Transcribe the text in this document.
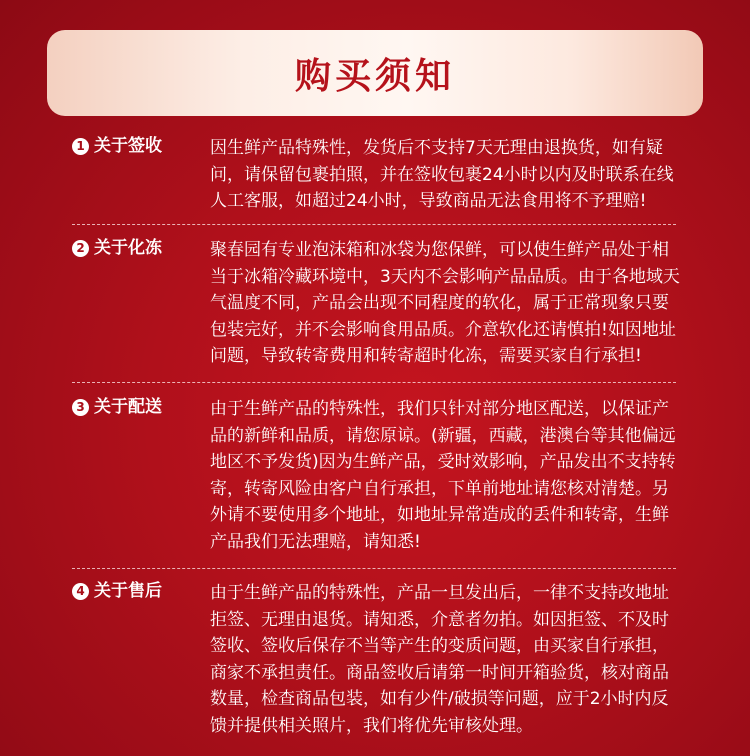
购买须知
1 关于签收	因生鲜产品特殊性，发货后不支持7天无理由退换货，如有疑问，请保留包裹拍照，并在签收包裹24小时以内及时联系在线人工客服，如超过24小时，导致商品无法食用将不予理赔!
2 关于化冻	聚春园有专业泡沫箱和冰袋为您保鲜，可以使生鲜产品处于相当于冰箱冷藏环境中，3天内不会影响产品品质。由于各地域天气温度不同，产品会出现不同程度的软化，属于正常现象只要包装完好，并不会影响食用品质。介意软化还请慎拍!如因地址问题，导致转寄费用和转寄超时化冻，需要买家自行承担!
3 关于配送	由于生鲜产品的特殊性，我们只针对部分地区配送，以保证产品的新鲜和品质，请您原谅。(新疆，西藏，港澳台等其他偏远地区不予发货)因为生鲜产品，受时效影响，产品发出不支持转寄，转寄风险由客户自行承担，下单前地址请您核对清楚。另外请不要使用多个地址，如地址异常造成的丢件和转寄，生鲜产品我们无法理赔，请知悉!
4 关于售后	由于生鲜产品的特殊性，产品一旦发出后，一律不支持改地址拒签、无理由退货。请知悉，介意者勿拍。如因拒签、不及时签收、签收后保存不当等产生的变质问题，由买家自行承担，商家不承担责任。商品签收后请第一时间开箱验货，核对商品数量，检查商品包装，如有少件/破损等问题，应于2小时内反馈并提供相关照片，我们将优先审核处理。
